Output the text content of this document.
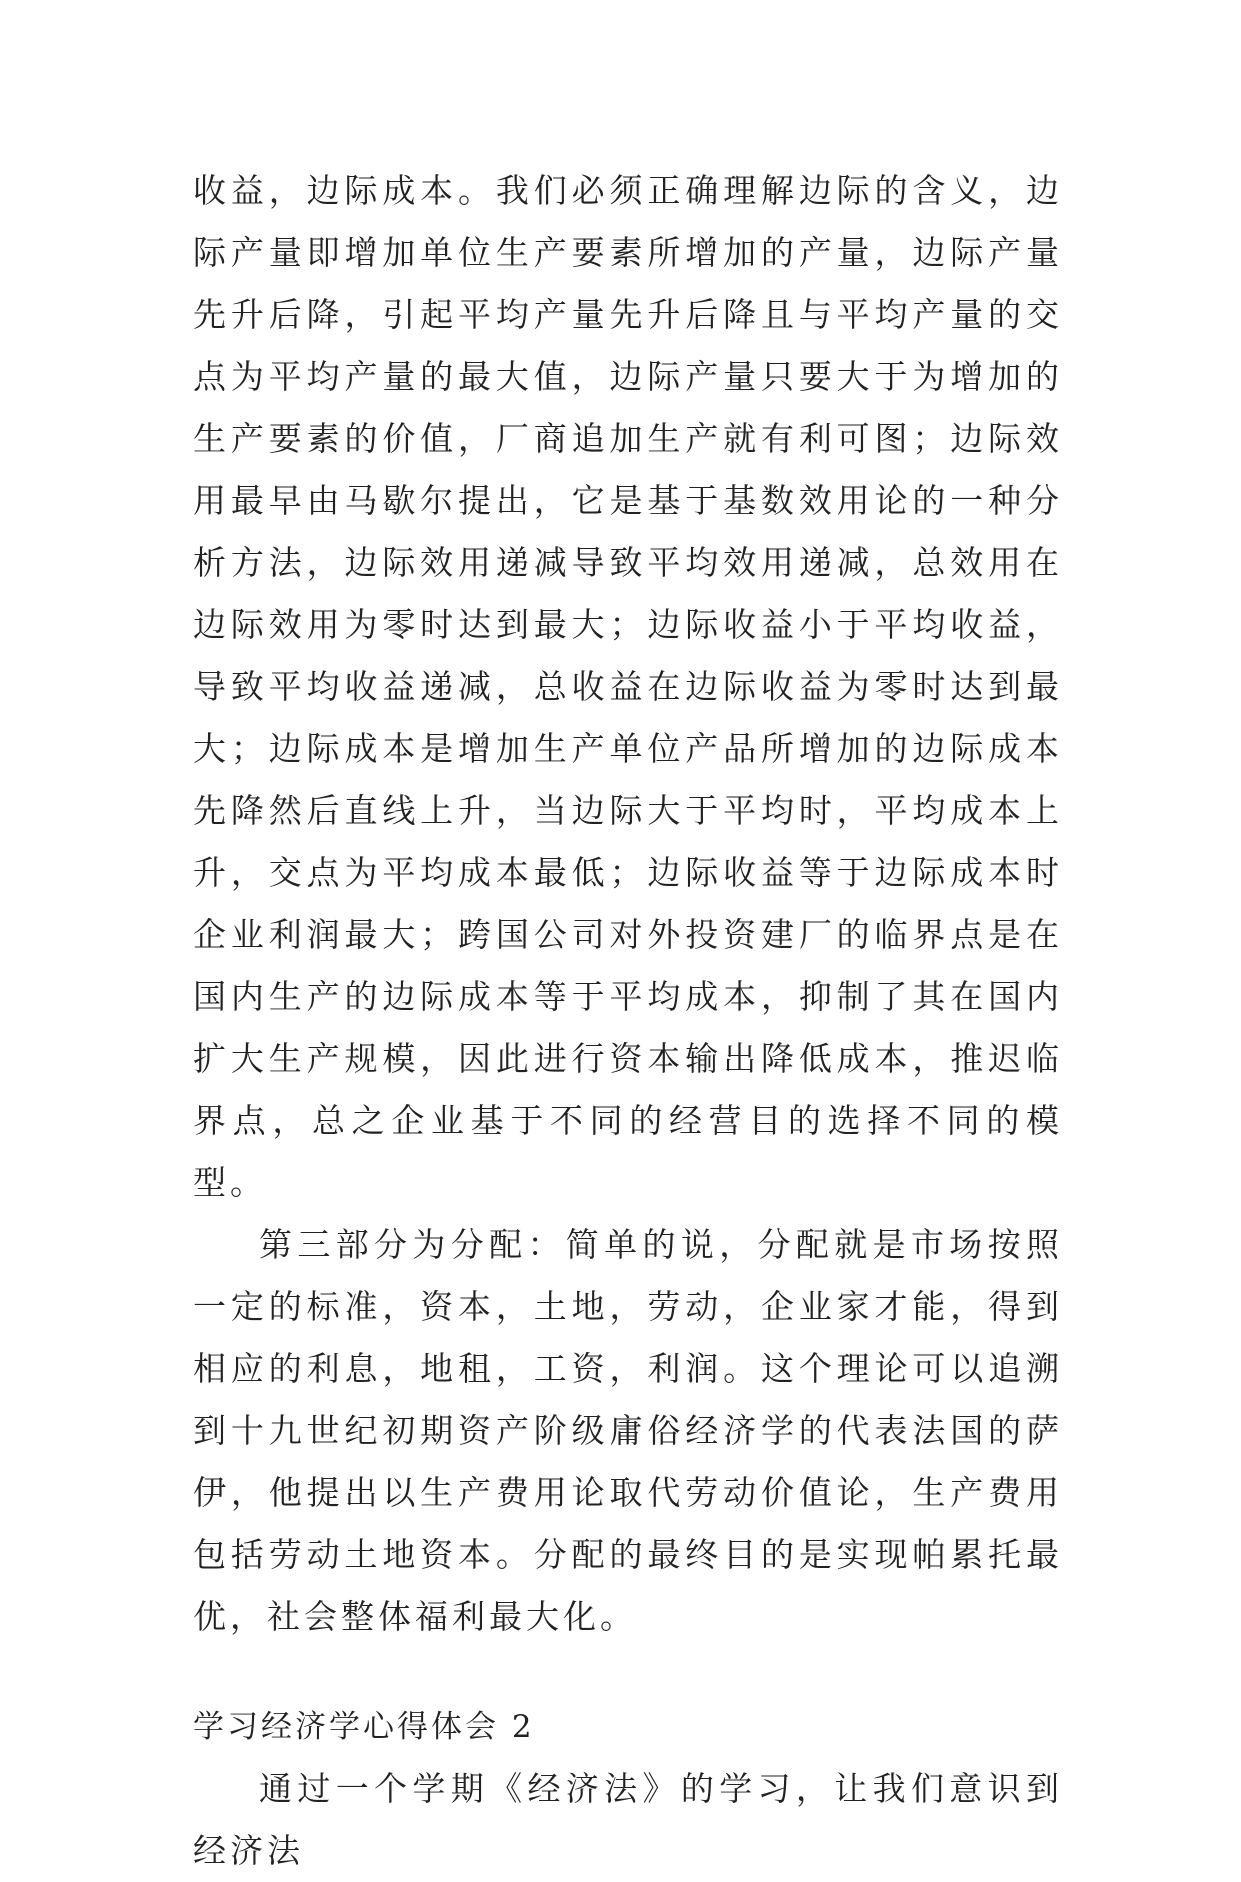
收益，边际成本。我们必须正确理解边际的含义，边际产量即增加单位生产要素所增加的产量，边际产量先升后降，引起平均产量先升后降且与平均产量的交点为平均产量的最大值，边际产量只要大于为增加的生产要素的价值，厂商追加生产就有利可图；边际效用最早由马歇尔提出，它是基于基数效用论的一种分析方法，边际效用递减导致平均效用递减，总效用在边际效用为零时达到最大；边际收益小于平均收益，导致平均收益递减，总收益在边际收益为零时达到最大；边际成本是增加生产单位产品所增加的边际成本先降然后直线上升，当边际大于平均时，平均成本上升，交点为平均成本最低；边际收益等于边际成本时企业利润最大；跨国公司对外投资建厂的临界点是在国内生产的边际成本等于平均成本，抑制了其在国内扩大生产规模，因此进行资本输出降低成本，推迟临界点，总之企业基于不同的经营目的选择不同的模型。

第三部分为分配：简单的说，分配就是市场按照一定的标准，资本，土地，劳动，企业家才能，得到相应的利息，地租，工资，利润。这个理论可以追溯到十九世纪初期资产阶级庸俗经济学的代表法国的萨伊，他提出以生产费用论取代劳动价值论，生产费用包括劳动土地资本。分配的最终目的是实现帕累托最优，社会整体福利最大化。

学习经济学心得体会 2

通过一个学期《经济法》的学习，让我们意识到经济法
